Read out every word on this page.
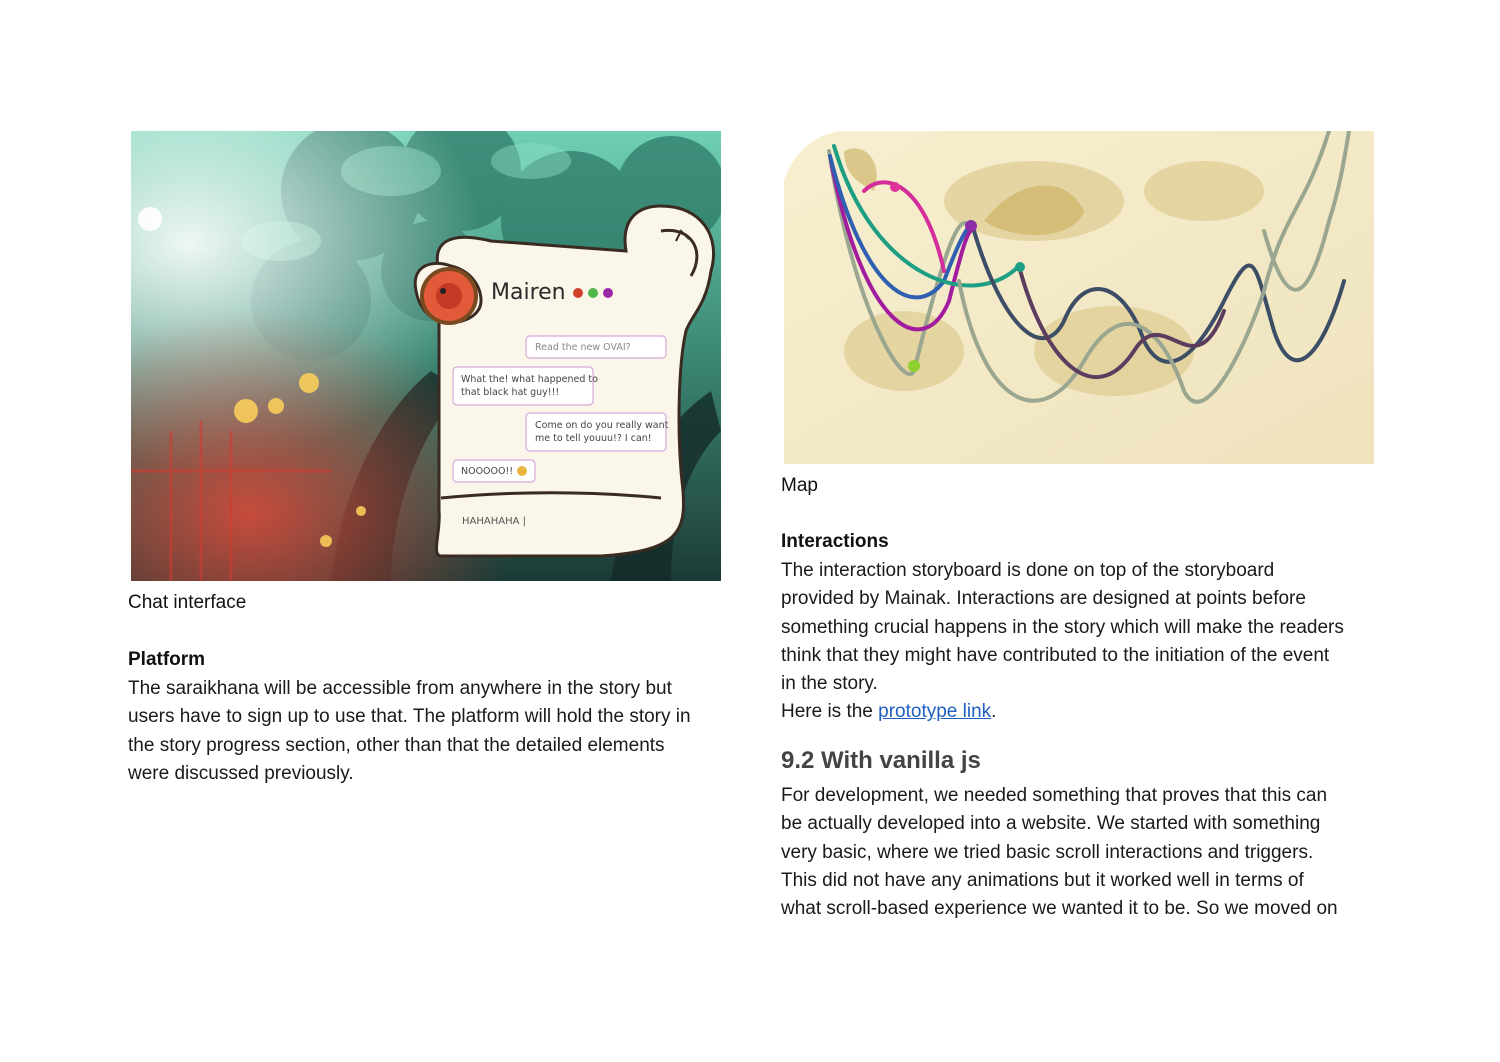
Mairen
Read the new OVAI?
What the! what happened to
that black hat guy!!!
Come on do you really want
me to tell youuu!? I can!
NOOOOO!!
HAHAHAHA |
Chat interface
Map
Platform
The saraikhana will be accessible from anywhere in the story but
users have to sign up to use that. The platform will hold the story in
the story progress section, other than that the detailed elements
were discussed previously.
Interactions
The interaction storyboard is done on top of the storyboard
provided by Mainak. Interactions are designed at points before
something crucial happens in the story which will make the readers
think that they might have contributed to the initiation of the event
in the story.
Here is the prototype link.
9.2 With vanilla js
For development, we needed something that proves that this can
be actually developed into a website. We started with something
very basic, where we tried basic scroll interactions and triggers.
This did not have any animations but it worked well in terms of
what scroll-based experience we wanted it to be. So we moved on
